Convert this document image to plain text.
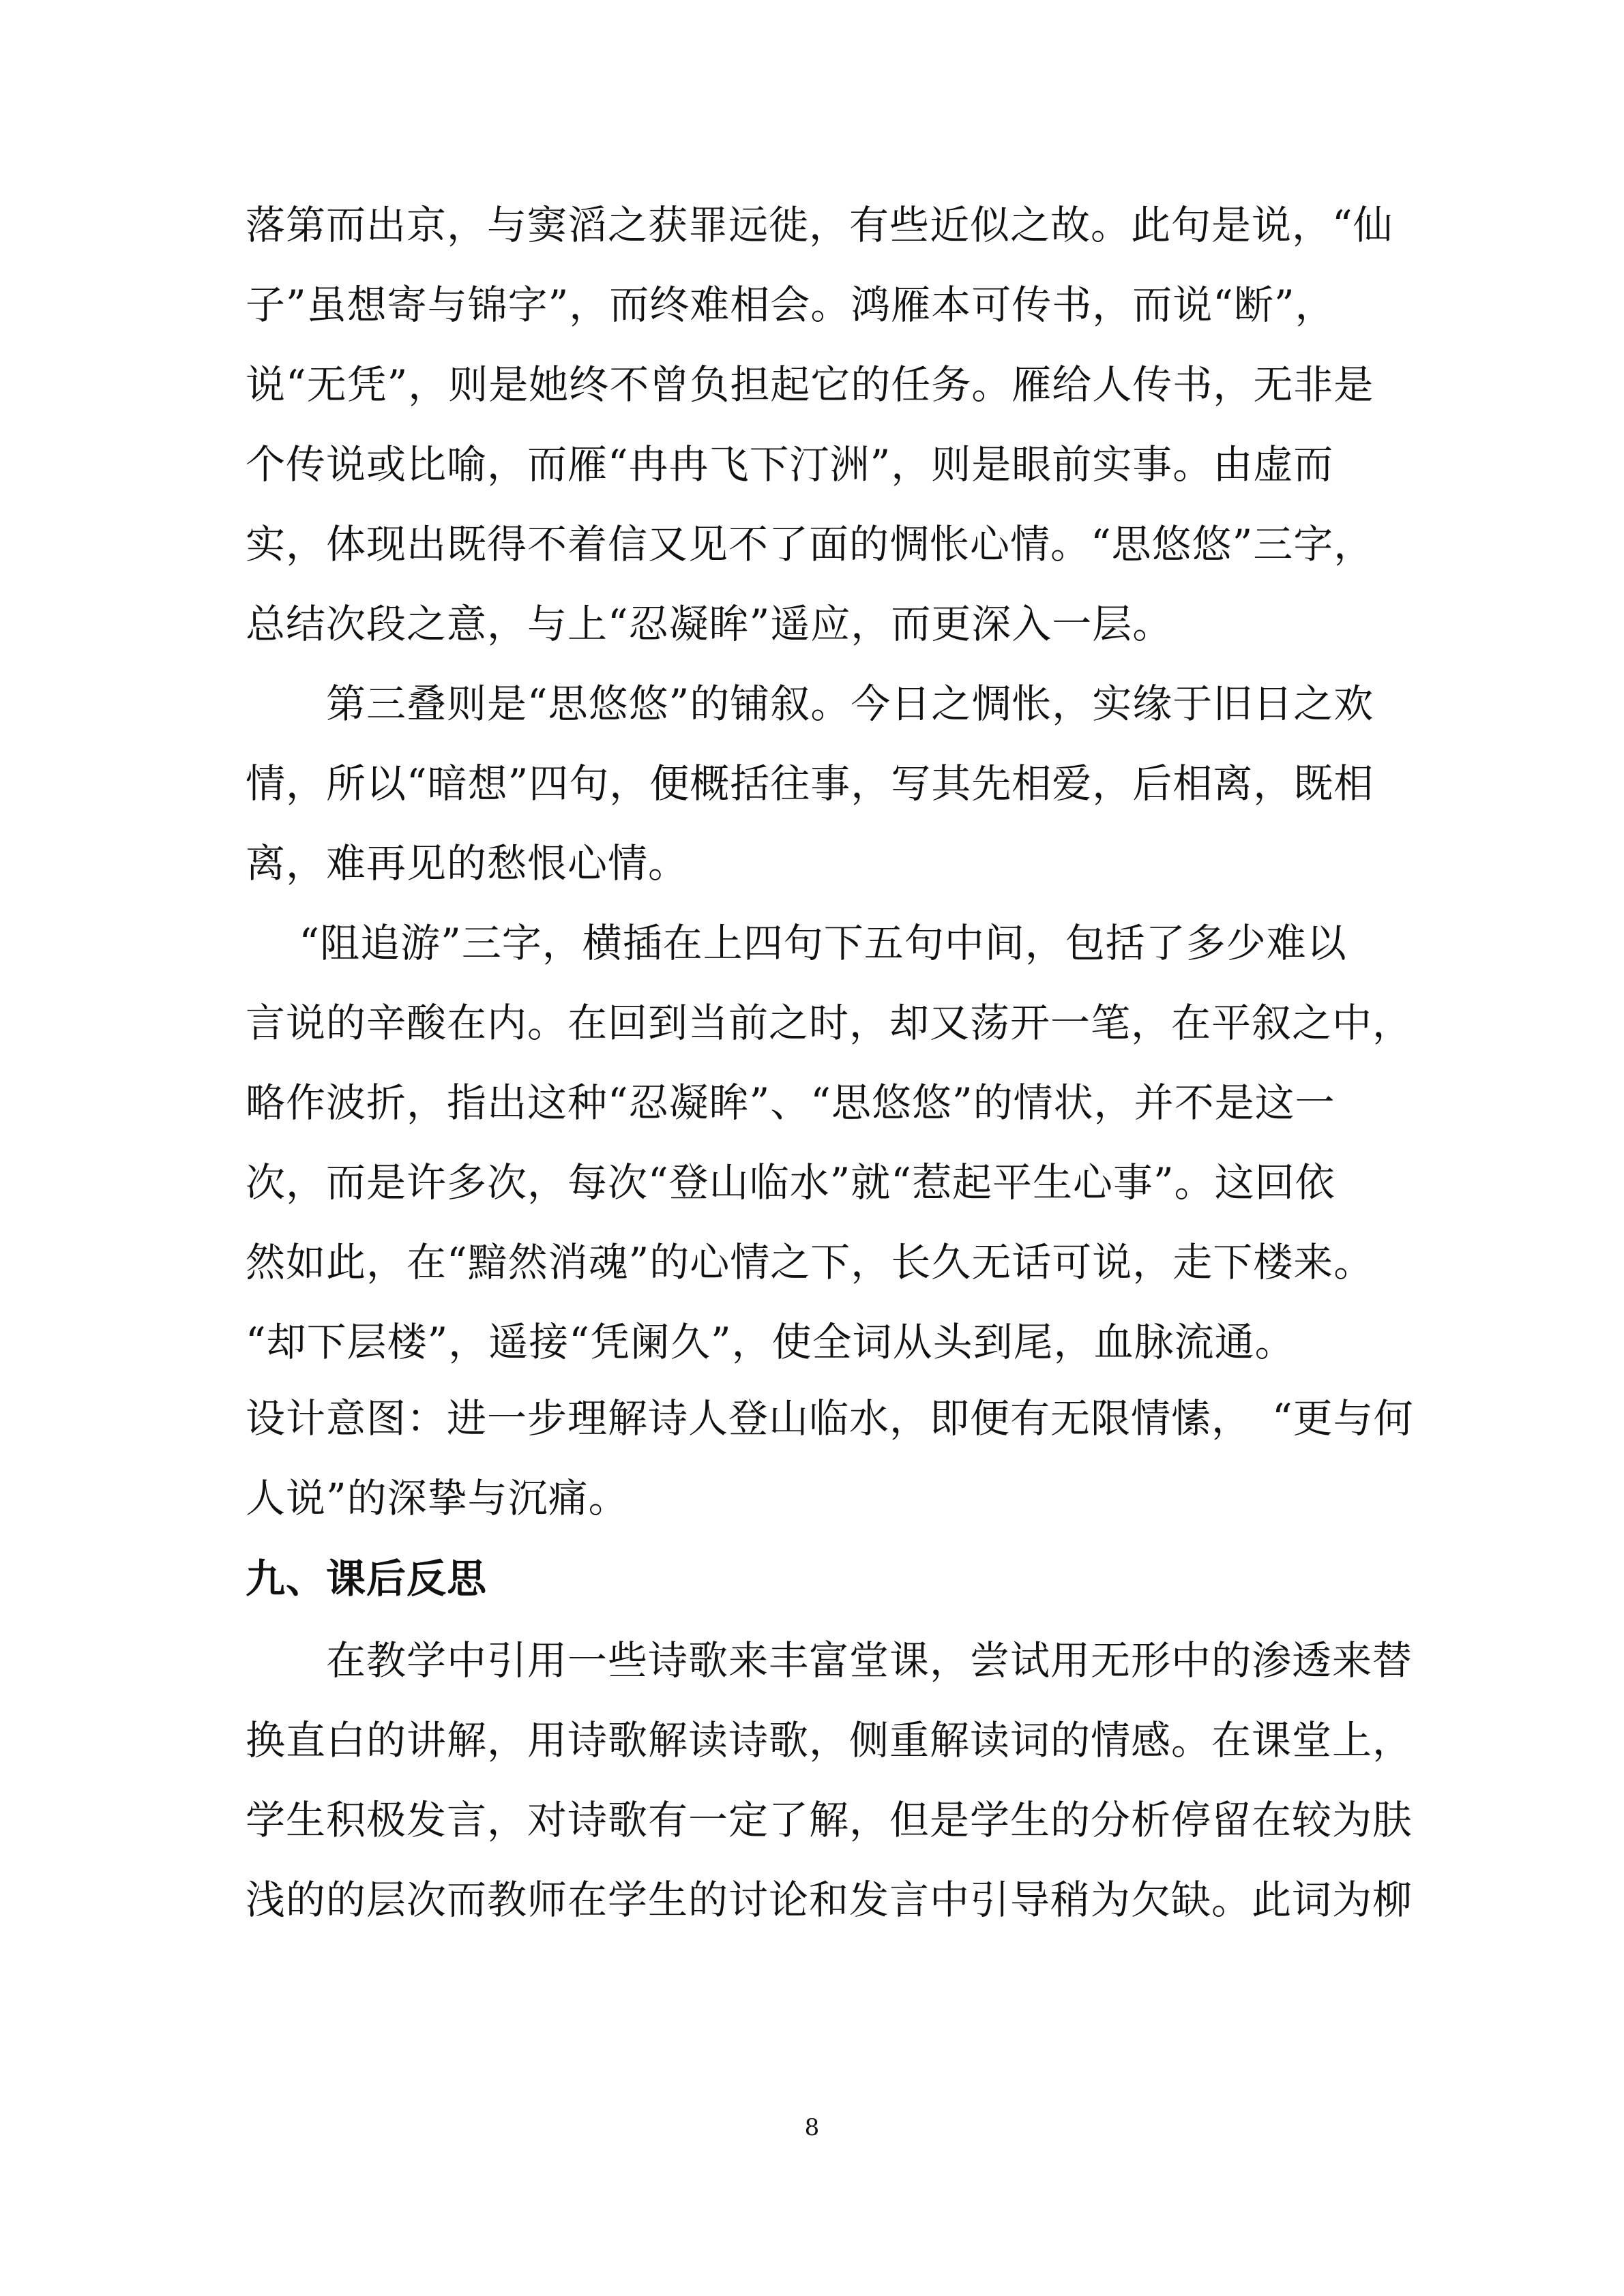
落第而出京，与窦滔之获罪远徙，有些近似之故。此句是说，“仙
子”虽想寄与锦字”，而终难相会。鸿雁本可传书，而说“断”，
说“无凭”，则是她终不曾负担起它的任务。雁给人传书，无非是
个传说或比喻，而雁“冉冉飞下汀洲”，则是眼前实事。由虚而
实，体现出既得不着信又见不了面的惆怅心情。“思悠悠”三字，
总结次段之意，与上“忍凝眸”遥应，而更深入一层。
　　第三叠则是“思悠悠”的铺叙。今日之惆怅，实缘于旧日之欢
情，所以“暗想”四句，便概括往事，写其先相爱，后相离，既相
离，难再见的愁恨心情。
　 “阻追游”三字，横插在上四句下五句中间，包括了多少难以
言说的辛酸在内。在回到当前之时，却又荡开一笔，在平叙之中，
略作波折，指出这种“忍凝眸”、“思悠悠”的情状，并不是这一
次，而是许多次，每次“登山临水”就“惹起平生心事”。这回依
然如此，在“黯然消魂”的心情之下，长久无话可说，走下楼来。
“却下层楼”，遥接“凭阑久”，使全词从头到尾，血脉流通。
设计意图：进一步理解诗人登山临水，即便有无限情愫，　“更与何
人说”的深挚与沉痛。
九、课后反思
　　在教学中引用一些诗歌来丰富堂课，尝试用无形中的渗透来替
换直白的讲解，用诗歌解读诗歌，侧重解读词的情感。在课堂上，
学生积极发言，对诗歌有一定了解，但是学生的分析停留在较为肤
浅的的层次而教师在学生的讨论和发言中引导稍为欠缺。此词为柳
8
